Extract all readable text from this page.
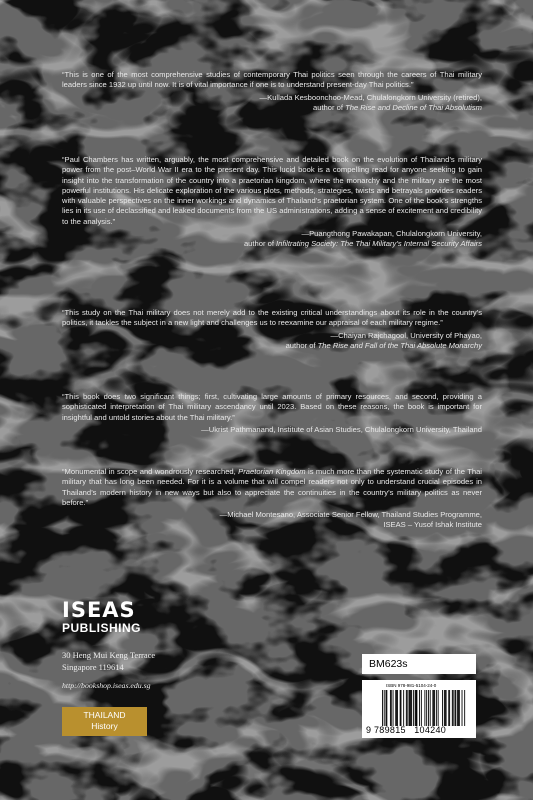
“This is one of the most comprehensive studies of contemporary Thai politics seen through the careers of Thai military leaders since 1932 up until now. It is of vital importance if one is to understand present-day Thai politics.”

—Kullada Kesboonchoo-Mead, Chulalongkorn University (retired),
author of The Rise and Decline of Thai Absolutism

“Paul Chambers has written, arguably, the most comprehensive and detailed book on the evolution of Thailand’s military power from the post–World War II era to the present day. This lucid book is a compelling read for anyone seeking to gain insight into the transformation of the country into a praetorian kingdom, where the monarchy and the military are the most powerful institutions. His delicate exploration of the various plots, methods, strategies, twists and betrayals provides readers with valuable perspectives on the inner workings and dynamics of Thailand’s praetorian system. One of the book’s strengths lies in its use of declassified and leaked documents from the US administrations, adding a sense of excitement and credibility to the analysis.”

—Puangthong Pawakapan, Chulalongkorn University,
author of Infiltrating Society: The Thai Military’s Internal Security Affairs

“This study on the Thai military does not merely add to the existing critical understandings about its role in the country’s politics, it tackles the subject in a new light and challenges us to reexamine our appraisal of each military regime.”

—Chaiyan Rajchagool, University of Phayao,
author of The Rise and Fall of the Thai Absolute Monarchy

“This book does two significant things; first, cultivating large amounts of primary resources, and second, providing a sophisticated interpretation of Thai military ascendancy until 2023. Based on these reasons, the book is important for insightful and untold stories about the Thai military.”

—Ukrist Pathmanand, Institute of Asian Studies, Chulalongkorn University, Thailand

“Monumental in scope and wondrously researched, Praetorian Kingdom is much more than the systematic study of the Thai military that has long been needed. For it is a volume that will compel readers not only to understand crucial episodes in Thailand’s modern history in new ways but also to appreciate the continuities in the country’s military politics as never before.”

—Michael Montesano, Associate Senior Fellow, Thailand Studies Programme,
ISEAS – Yusof Ishak Institute
ISEAS
PUBLISHING
30 Heng Mui Keng Terrace
Singapore 119614
http://bookshop.iseas.edu.sg
THAILAND
History
BM623s
ISBN 978-981-5104-24-0
9 789815 104240
